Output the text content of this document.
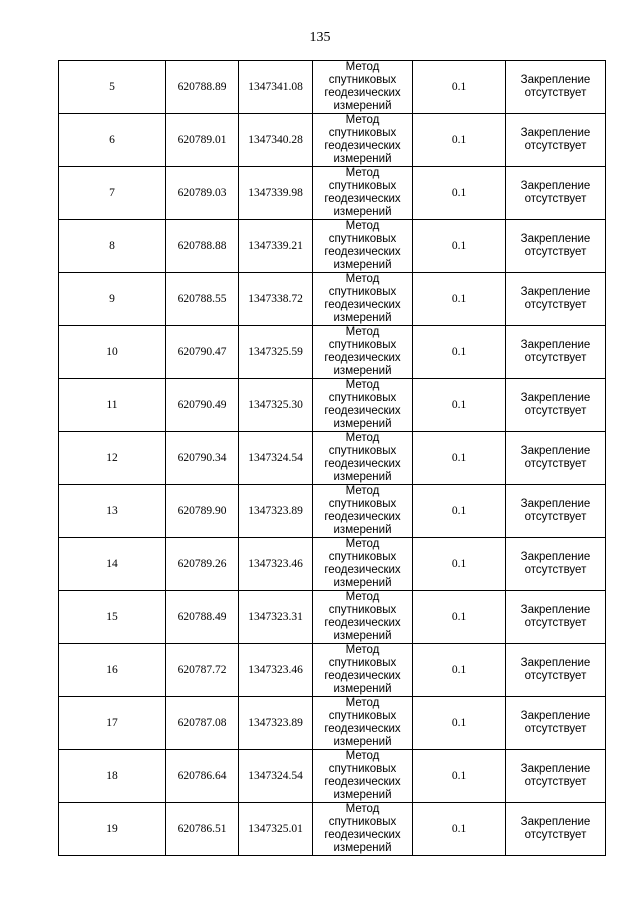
135
5	620788.89	1347341.08	Метод
спутниковых
геодезических
измерений	0.1	Закрепление
отсутствует

6	620789.01	1347340.28	Метод
спутниковых
геодезических
измерений	0.1	Закрепление
отсутствует

7	620789.03	1347339.98	Метод
спутниковых
геодезических
измерений	0.1	Закрепление
отсутствует

8	620788.88	1347339.21	Метод
спутниковых
геодезических
измерений	0.1	Закрепление
отсутствует

9	620788.55	1347338.72	Метод
спутниковых
геодезических
измерений	0.1	Закрепление
отсутствует

10	620790.47	1347325.59	Метод
спутниковых
геодезических
измерений	0.1	Закрепление
отсутствует

11	620790.49	1347325.30	Метод
спутниковых
геодезических
измерений	0.1	Закрепление
отсутствует

12	620790.34	1347324.54	Метод
спутниковых
геодезических
измерений	0.1	Закрепление
отсутствует

13	620789.90	1347323.89	Метод
спутниковых
геодезических
измерений	0.1	Закрепление
отсутствует

14	620789.26	1347323.46	Метод
спутниковых
геодезических
измерений	0.1	Закрепление
отсутствует

15	620788.49	1347323.31	Метод
спутниковых
геодезических
измерений	0.1	Закрепление
отсутствует

16	620787.72	1347323.46	Метод
спутниковых
геодезических
измерений	0.1	Закрепление
отсутствует

17	620787.08	1347323.89	Метод
спутниковых
геодезических
измерений	0.1	Закрепление
отсутствует

18	620786.64	1347324.54	Метод
спутниковых
геодезических
измерений	0.1	Закрепление
отсутствует

19	620786.51	1347325.01	Метод
спутниковых
геодезических
измерений	0.1	Закрепление
отсутствует
